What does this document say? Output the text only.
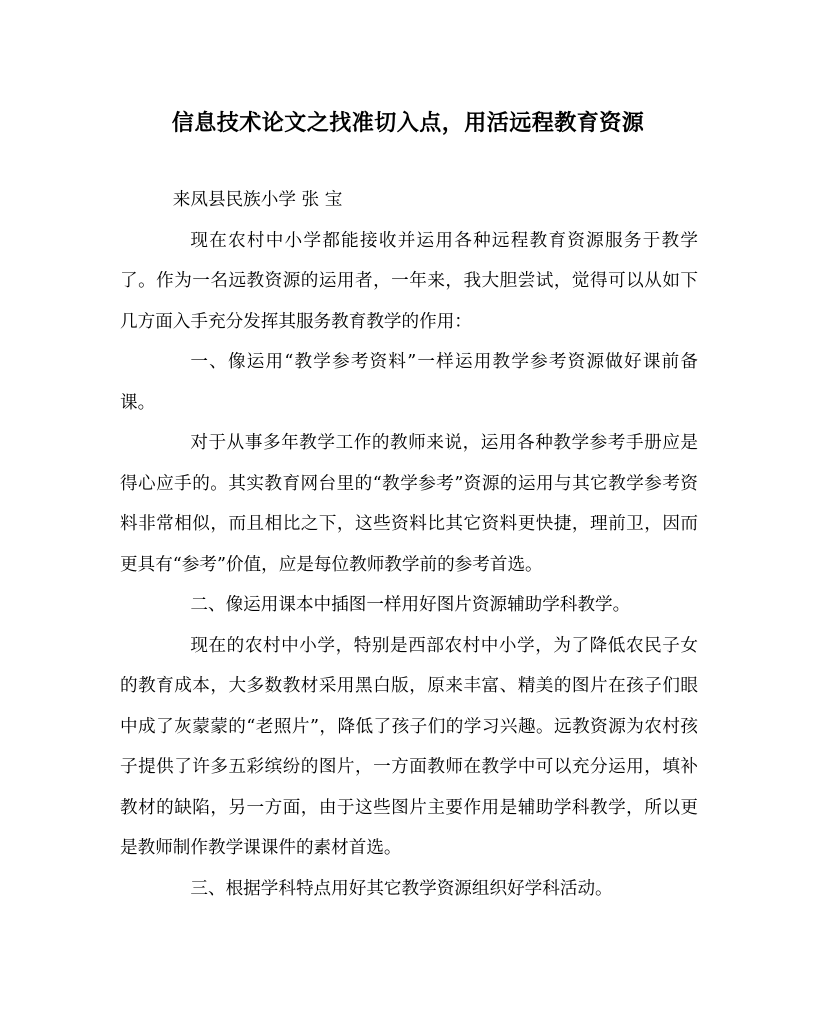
信息技术论文之找准切入点，用活远程教育资源

来凤县民族小学 张 宝

现在农村中小学都能接收并运用各种远程教育资源服务于教学了。作为一名远教资源的运用者，一年来，我大胆尝试，觉得可以从如下几方面入手充分发挥其服务教育教学的作用：

一、像运用“教学参考资料”一样运用教学参考资源做好课前备课。

对于从事多年教学工作的教师来说，运用各种教学参考手册应是得心应手的。其实教育网台里的“教学参考”资源的运用与其它教学参考资料非常相似，而且相比之下，这些资料比其它资料更快捷，理前卫，因而更具有“参考”价值，应是每位教师教学前的参考首选。

二、像运用课本中插图一样用好图片资源辅助学科教学。

现在的农村中小学，特别是西部农村中小学，为了降低农民子女的教育成本，大多数教材采用黑白版，原来丰富、精美的图片在孩子们眼中成了灰蒙蒙的“老照片”，降低了孩子们的学习兴趣。远教资源为农村孩子提供了许多五彩缤纷的图片，一方面教师在教学中可以充分运用，填补教材的缺陷，另一方面，由于这些图片主要作用是辅助学科教学，所以更是教师制作教学课课件的素材首选。

三、根据学科特点用好其它教学资源组织好学科活动。
